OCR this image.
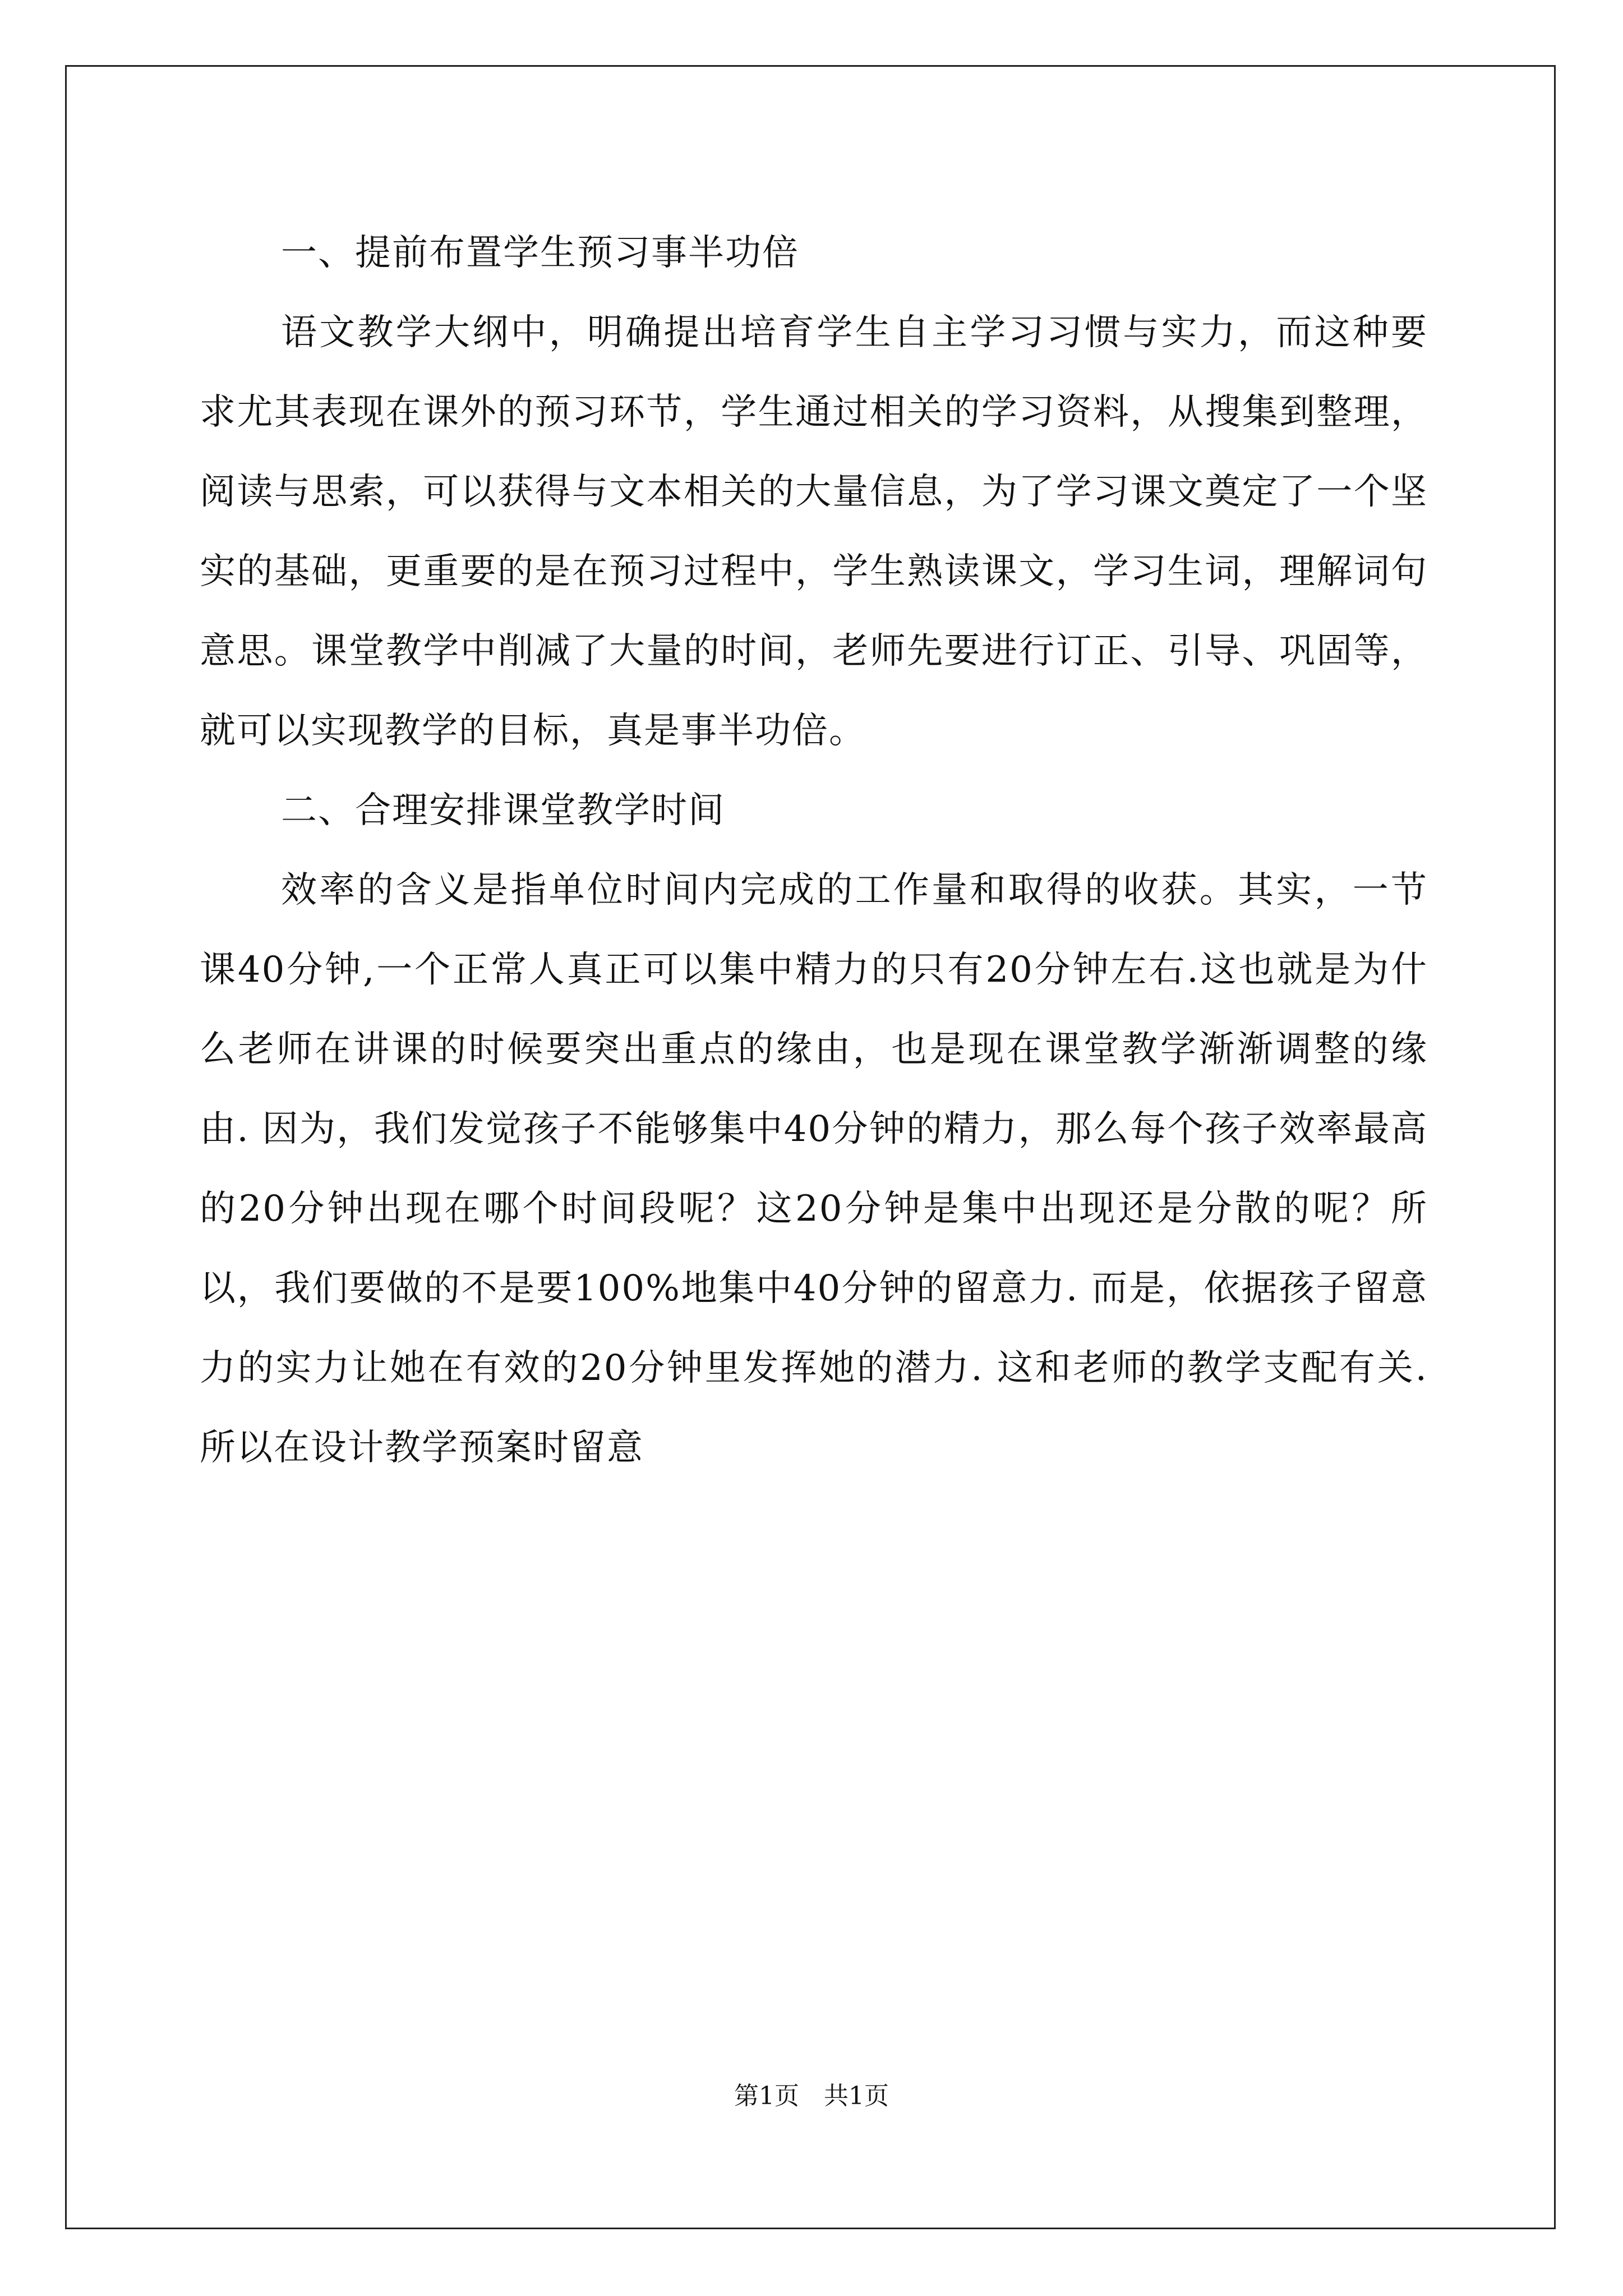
一、提前布置学生预习事半功倍

语文教学大纲中，明确提出培育学生自主学习习惯与实力，而这种要求尤其表现在课外的预习环节，学生通过相关的学习资料，从搜集到整理，阅读与思索，可以获得与文本相关的大量信息，为了学习课文奠定了一个坚实的基础，更重要的是在预习过程中，学生熟读课文，学习生词，理解词句意思。课堂教学中削减了大量的时间，老师先要进行订正、引导、巩固等，就可以实现教学的目标，真是事半功倍。

二、合理安排课堂教学时间

效率的含义是指单位时间内完成的工作量和取得的收获。其实，一节课40分钟,一个正常人真正可以集中精力的只有20分钟左右.这也就是为什么老师在讲课的时候要突出重点的缘由，也是现在课堂教学渐渐调整的缘由. 因为，我们发觉孩子不能够集中40分钟的精力，那么每个孩子效率最高的20分钟出现在哪个时间段呢？这20分钟是集中出现还是分散的呢？所以，我们要做的不是要100%地集中40分钟的留意力. 而是，依据孩子留意力的实力让她在有效的20分钟里发挥她的潜力. 这和老师的教学支配有关. 所以在设计教学预案时留意

第1页　共1页
